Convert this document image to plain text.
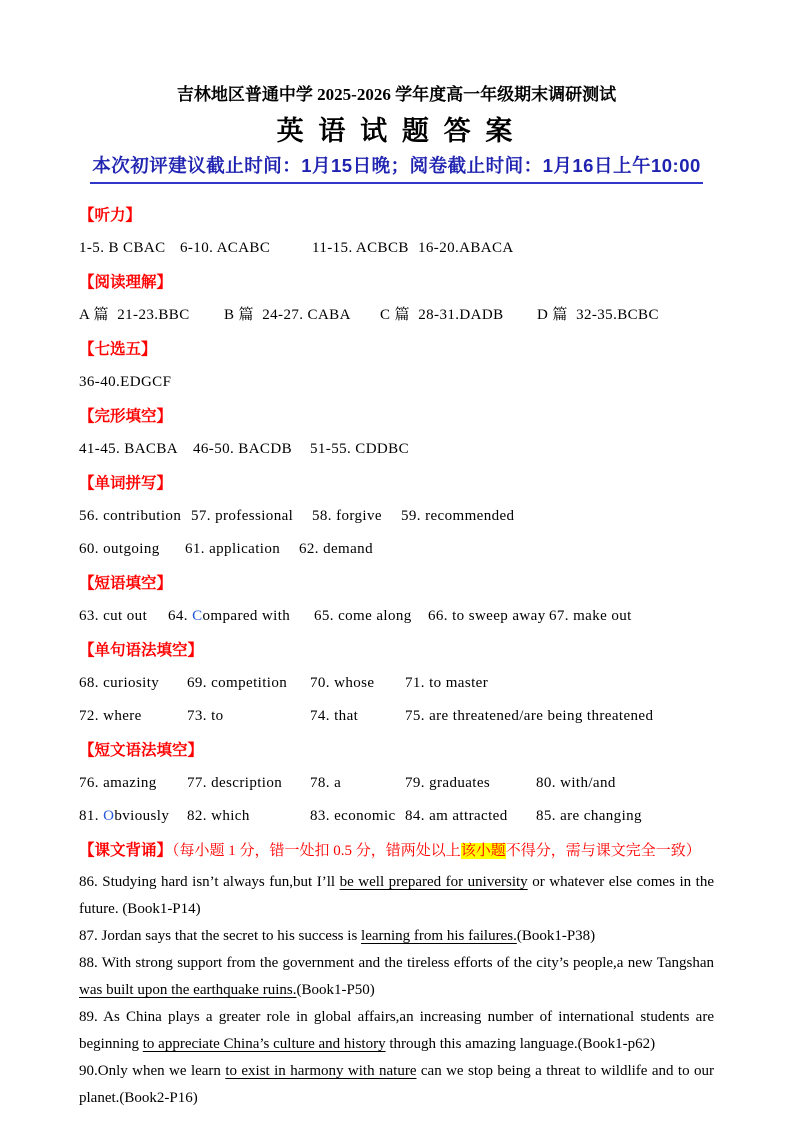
吉林地区普通中学 2025-2026 学年度高一年级期末调研测试
英 语 试 题 答 案
本次初评建议截止时间：1月15日晚；阅卷截止时间：1月16日上午10:00
【听力】
1-5. B CBAC 6-10. ACABC	11-15. ACBCB 16-20.ABACA
【阅读理解】
A 篇  21-23.BBC	B 篇  24-27. CABA	C 篇  28-31.DADB	D 篇  32-35.BCBC
【七选五】
36-40.EDGCF
【完形填空】
41-45. BACBA	46-50. BACDB	51-55. CDDBC
【单词拼写】
56. contribution 57. professional	58. forgive	59. recommended
60. outgoing	61. application	62. demand
【短语填空】
63. cut out	64. Compared with	65. come along	66. to sweep away 67. make out
【单句语法填空】
68. curiosity	69. competition	70. whose	71. to master
72. where	73. to	74. that	75. are threatened/are being threatened
【短文语法填空】
76. amazing	77. description	78. a	79. graduates	80. with/and
81. Obviously	82. which	83. economic 84. am attracted	85. are changing
【课文背诵】（每小题 1 分，错一处扣 0.5 分，错两处以上该小题不得分，需与课文完全一致）

86. Studying hard isn’t always fun,but I’ll be well prepared for university or whatever else comes in the future. (Book1-P14)

87. Jordan says that the secret to his success is learning from his failures.(Book1-P38)

88. With strong support from the government and the tireless efforts of the city’s people,a new Tangshan was built upon the earthquake ruins.(Book1-P50)

89. As China plays a greater role in global affairs,an increasing number of international students are beginning to appreciate China’s culture and history through this amazing language.(Book1-p62)

90.Only when we learn to exist in harmony with nature can we stop being a threat to wildlife and to our planet.(Book2-P16)
